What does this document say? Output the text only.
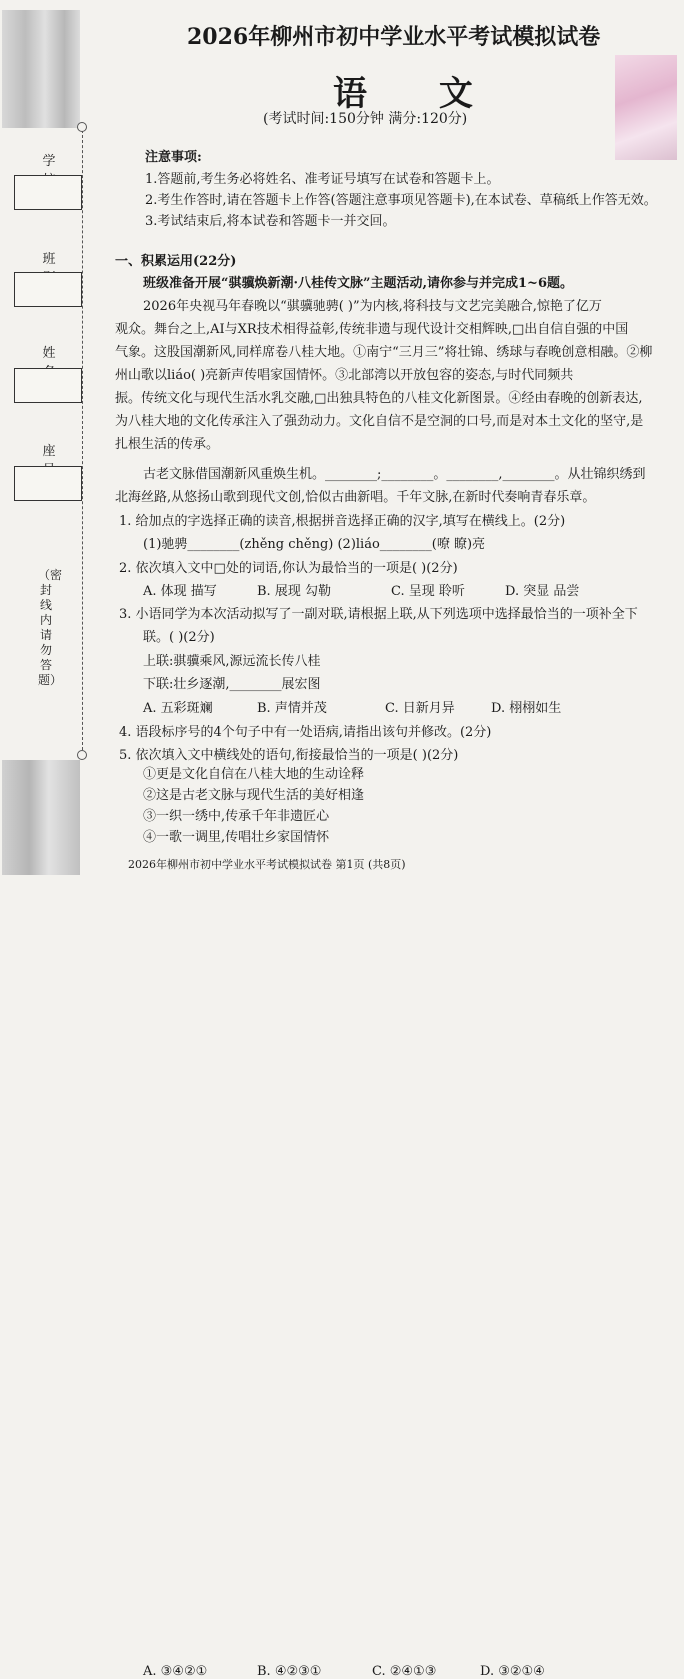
学
班
姓
座
（密封线内请勿答题）
2026年柳州市初中学业水平考试模拟试卷
语 文
(考试时间:150分钟 满分:120分)
注意事项:
1.答题前,考生务必将姓名、准考证号填写在试卷和答题卡上。
2.考生作答时,请在答题卡上作答(答题注意事项见答题卡),在本试卷、草稿纸上作答无效。
3.考试结束后,将本试卷和答题卡一并交回。
一、积累运用(22分)
班级准备开展“骐骥焕新潮·八桂传文脉”主题活动,请你参与并完成1~6题。
2026年央视马年春晚以“骐骥驰骋( )”为内核,将科技与文艺完美融合,惊艳了亿万
观众。舞台之上,AI与XR技术相得益彰,传统非遗与现代设计交相辉映,□出自信自强的中国
气象。这股国潮新风,同样席卷八桂大地。①南宁“三月三”将壮锦、绣球与春晚创意相融。②柳
州山歌以liáo( )亮新声传唱家国情怀。③北部湾以开放包容的姿态,与时代同频共
振。传统文化与现代生活水乳交融,□出独具特色的八桂文化新图景。④经由春晚的创新表达,
为八桂大地的文化传承注入了强劲动力。文化自信不是空洞的口号,而是对本土文化的坚守,是
扎根生活的传承。
古老文脉借国潮新风重焕生机。________;________。________,________。从壮锦织绣到
北海丝路,从悠扬山歌到现代文创,恰似古曲新唱。千年文脉,在新时代奏响青春乐章。
1. 给加点的字选择正确的读音,根据拼音选择正确的汉字,填写在横线上。(2分)
(1)驰骋________(zhěng chěng) (2)liáo________(嘹 瞭)亮
2. 依次填入文中□处的词语,你认为最恰当的一项是( )(2分)
A. 体现 描写	B. 展现 勾勒	C. 呈现 聆听	D. 突显 品尝
3. 小语同学为本次活动拟写了一副对联,请根据上联,从下列选项中选择最恰当的一项补全下
联。( )(2分)
上联:骐骥乘风,源远流长传八桂
下联:壮乡逐潮,________展宏图
A. 五彩斑斓	B. 声情并茂	C. 日新月异	D. 栩栩如生
4. 语段标序号的4个句子中有一处语病,请指出该句并修改。(2分)
5. 依次填入文中横线处的语句,衔接最恰当的一项是( )(2分)
①更是文化自信在八桂大地的生动诠释
②这是古老文脉与现代生活的美好相逢
③一织一绣中,传承千年非遗匠心
④一歌一调里,传唱壮乡家国情怀
2026年柳州市初中学业水平考试模拟试卷 第1页 (共8页)
A. ③④②①	B. ④②③①	C. ②④①③	D. ③②①④
